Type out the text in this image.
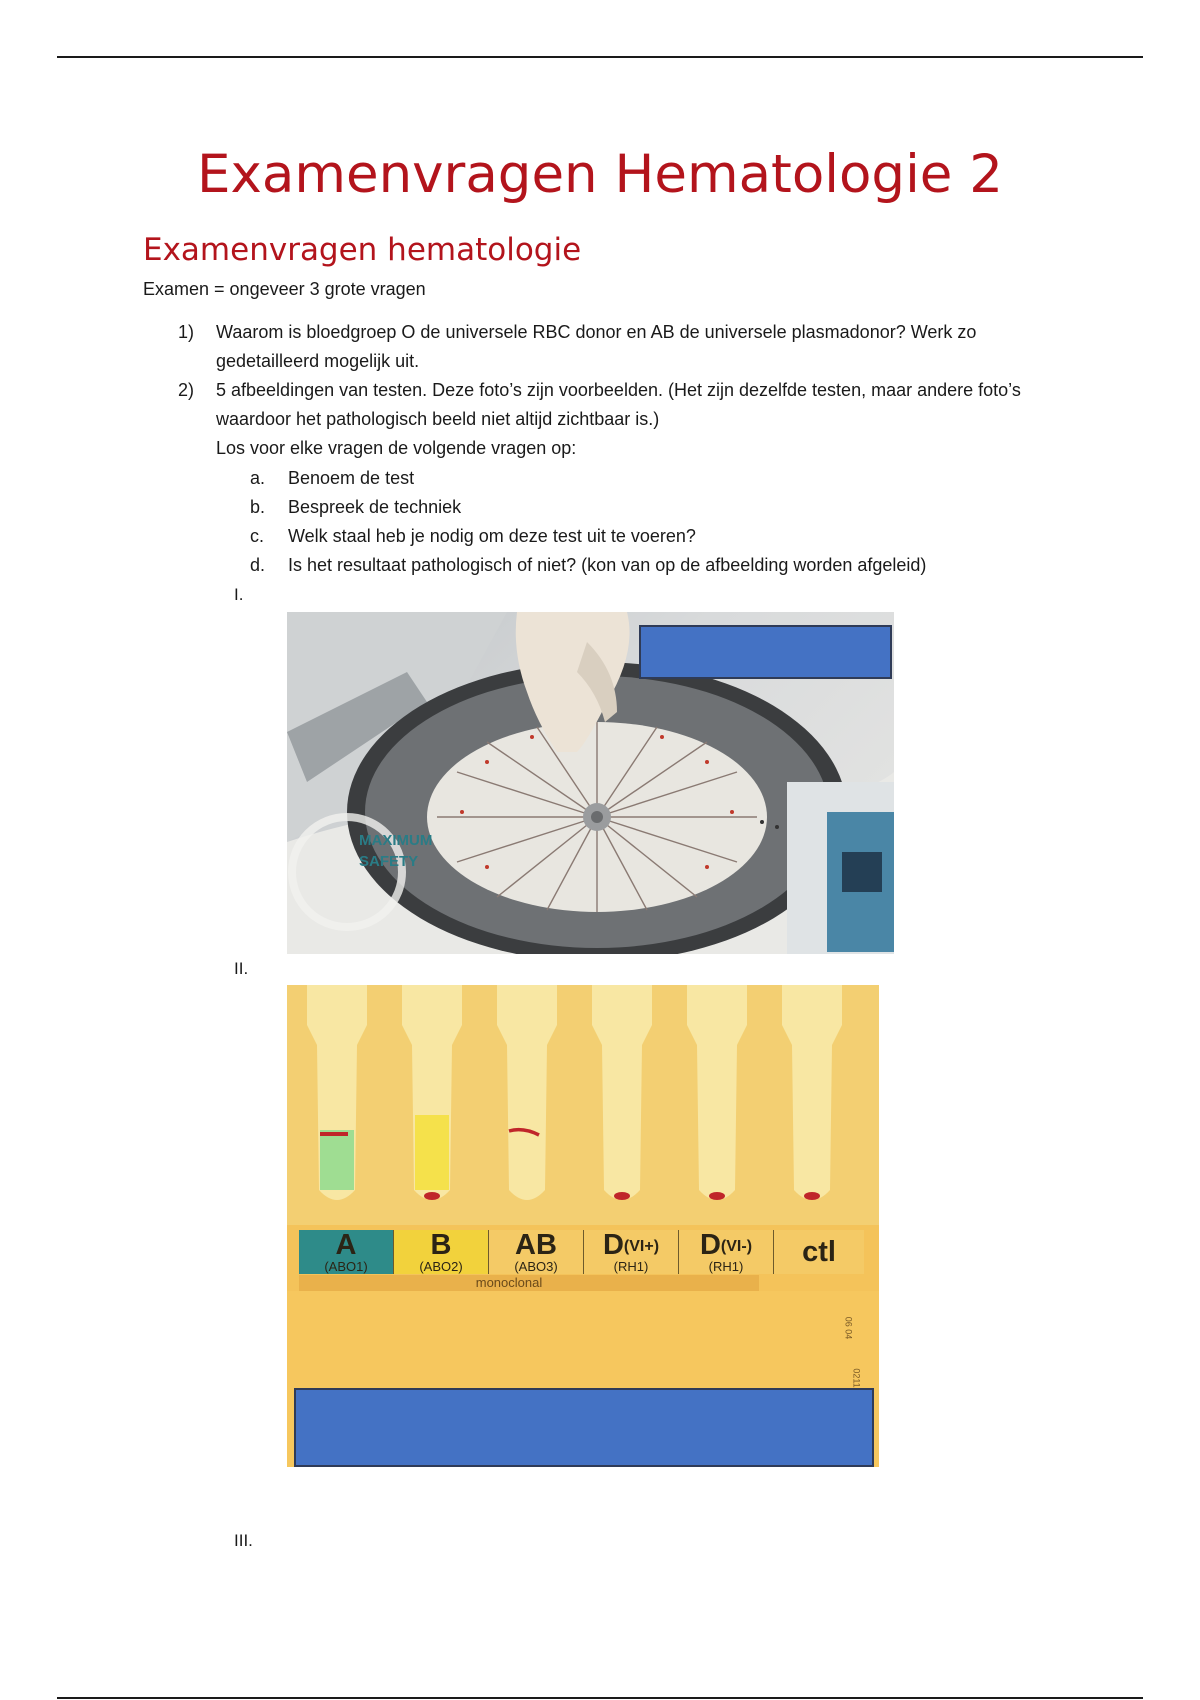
Examenvragen Hematologie 2
Examenvragen hematologie

Examen = ongeveer 3 grote vragen

1) Waarom is bloedgroep O de universele RBC donor en AB de universele plasmadonor? Werk zo gedetailleerd mogelijk uit.
2) 5 afbeeldingen van testen. Deze foto’s zijn voorbeelden. (Het zijn dezelfde testen, maar andere foto’s waardoor het pathologisch beeld niet altijd zichtbaar is.)
Los voor elke vragen de volgende vragen op:
a. Benoem de test
b. Bespreek de techniek
c. Welk staal heb je nodig om deze test uit te voeren?
d. Is het resultaat pathologisch of niet? (kon van op de afbeelding worden afgeleid)
I.
MAXIMUM
SAFETY
II.
A
(ABO1)
B
(ABO2)
AB
(ABO3)
$D^{(VI+)}$
(RH1)
$D^{(VI-)}$
(RH1)	ctl
monoclonal
06 04
0211
III.
